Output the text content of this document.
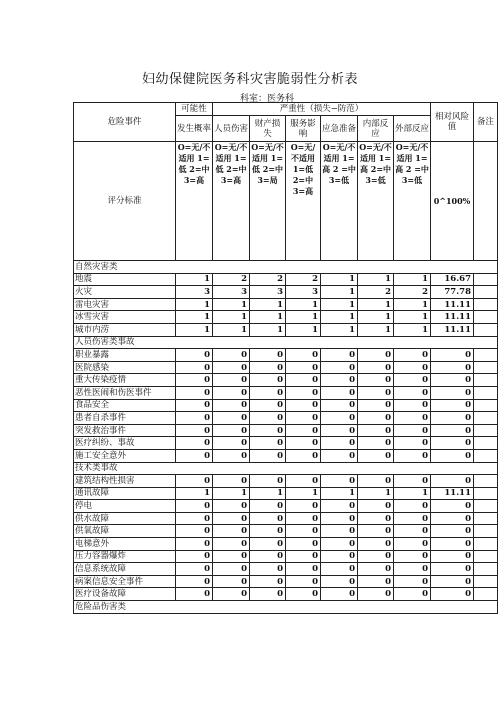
妇幼保健院医务科灾害脆弱性分析表
科室：医务科
危险事件	可能性	严重性（损失−防范）						相对风险值	备注
	发生概率	人员伤害	财产损失	服务影响	应急准备	内部反应	外部反应		
评分标准	O=无/不适用 1=低 2=中 3=高	O=无/不适用 1=低 2=中 3=高	O=无/不适用 1=低 2=中 3=局	O=无/不适用 1=低 2=中 3=高	O=无/不适用 1=高 2 =中 3=低	O=无/不适用 1=高 2=中 3=低	O=无/不适用 1=高 2 =中 3=低	0^100%	
自然灾害类									
地震	1	2	2	2	1	1	1	16.67	
火灾	3	3	3	3	1	2	2	77.78	
雷电灾害	1	1	1	1	1	1	1	11.11	
冰雪灾害	1	1	1	1	1	1	1	11.11	
城市内涝	1	1	1	1	1	1	1	11.11	
人员伤害类事故									
职业暴露	0	0	0	0	0	0	0	0	
医院感染	0	0	0	0	0	0	0	0	
重大传染疫情	0	0	0	0	0	0	0	0	
恶性医闹和伤医事件	0	0	0	0	0	0	0	0	
食品安全	0	0	0	0	0	0	0	0	
患者自杀事件	0	0	0	0	0	0	0	0	
突发救治事件	0	0	0	0	0	0	0	0	
医疗纠纷、事故	0	0	0	0	0	0	0	0	
施工安全意外	0	0	0	0	0	0	0	0	
技术类事故									
建筑结构性损害	0	0	0	0	0	0	0	0	
通讯故障	1	1	1	1	1	1	1	11.11	
停电	0	0	0	0	0	0	0	0	
供水故障	0	0	0	0	0	0	0	0	
供氧故障	0	0	0	0	0	0	0	0	
电梯意外	0	0	0	0	0	0	0	0	
压力容器爆炸	0	0	0	0	0	0	0	0	
信息系统故障	0	0	0	0	0	0	0	0	
病案信息安全事件	0	0	0	0	0	0	0	0	
医疗设备故障	0	0	0	0	0	0	0	0	
危险品伤害类									
